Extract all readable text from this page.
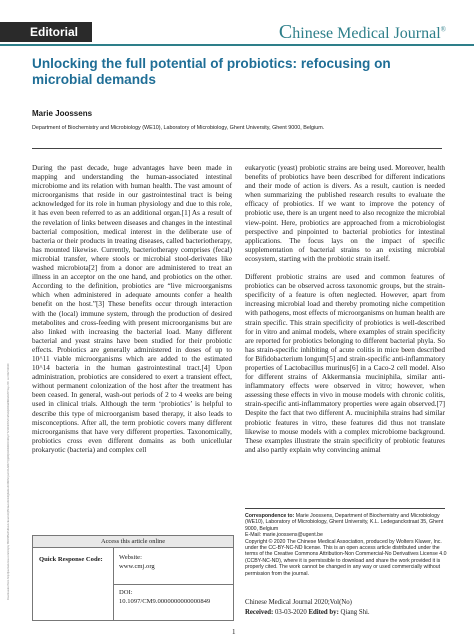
Editorial	Chinese Medical Journal®
Unlocking the full potential of probiotics: refocusing on microbial demands
Marie Joossens
Department of Biochemistry and Microbiology (WE10), Laboratory of Microbiology, Ghent University, Ghent 9000, Belgium.
Downloaded from http://journals.lww.com/cmj by BhDMf5ePHKav1zEoum1tQfN4a+kJLhEZgbsIHo4XMi0hCywCX1AWnYQp/IlQrHD3i3D0OdRyi7TvSFl4Cf3VC4/OAVpDDa8KKGKV0Ymy+78= on 04/27/2020

During the past decade, huge advantages have been made in mapping and understanding the human-associated intestinal microbiome and its relation with human health. The vast amount of microorganisms that reside in our gastrointestinal tract is being acknowledged for its role in human physiology and due to this role, it has even been referred to as an additional organ.[1] As a result of the revelation of links between diseases and changes in the intestinal bacterial composition, medical interest in the deliberate use of bacteria or their products in treating diseases, called bacteriotherapy, has mounted likewise. Currently, bacteriotherapy comprises (fecal) microbial transfer, where stools or microbial stool-derivates like washed microbiota[2] from a donor are administered to treat an illness in an acceptor on the one hand, and probiotics on the other. According to the definition, probiotics are “live microorganisms which when administered in adequate amounts confer a health benefit on the host.”[3] These benefits occur through interaction with the (local) immune system, through the production of desired metabolites and cross-feeding with present microorganisms but are also linked with increasing the bacterial load. Many different bacterial and yeast strains have been studied for their probiotic effects. Probiotics are generally administered in doses of up to 10^11 viable microorganisms which are added to the estimated 10^14 bacteria in the human gastrointestinal tract.[4] Upon administration, probiotics are considered to exert a transient effect, without permanent colonization of the host after the treatment has been ceased. In general, wash-out periods of 2 to 4 weeks are being used in clinical trials. Although the term ‘probiotics’ is helpful to describe this type of microorganism based therapy, it also leads to misconceptions. After all, the term probiotic covers many different microorganisms that have very different properties. Taxonomically, probiotics cross even different domains as both unicellular prokaryotic (bacteria) and complex cell

eukaryotic (yeast) probiotic strains are being used. Moreover, health benefits of probiotics have been described for different indications and their mode of action is divers. As a result, caution is needed when summarizing the published research results to evaluate the efficacy of probiotics. If we want to improve the potency of probiotic use, there is an urgent need to also recognize the microbial view-point. Here, probiotics are approached from a microbiologist perspective and pinpointed to bacterial probiotics for intestinal applications. The focus lays on the impact of specific supplementation of bacterial strains to an existing microbial ecosystem, starting with the probiotic strain itself.

Different probiotic strains are used and common features of probiotics can be observed across taxonomic groups, but the strain-specificity of a feature is often neglected. However, apart from increasing microbial load and thereby promoting niche competition with pathogens, most effects of microorganisms on human health are strain specific. This strain specificity of probiotics is well-described for in vitro and animal models, where examples of strain specificity are reported for probiotics belonging to different bacterial phyla. So has strain-specific inhibiting of acute colitis in mice been described for Bifidobacterium longum[5] and strain-specific anti-inflammatory properties of Lactobacillus murinus[6] in a Caco-2 cell model. Also for different strains of Akkermansia muciniphila, similar anti-inflammatory effects were observed in vitro; however, when assessing these effects in vivo in mouse models with chronic colitis, strain-specific anti-inflammatory properties were again observed.[7] Despite the fact that two different A. muciniphila strains had similar probiotic features in vitro, these features did thus not translate likewise to mouse models with a complex microbiome background. These examples illustrate the strain specificity of probiotic features and also partly explain why convincing animal

Access this article online
Quick Response Code: Website:
www.cmj.org
DOI:
10.1097/CM9.0000000000000849

Correspondence to: Marie Joossens, Department of Biochemistry and Microbiology (WE10), Laboratory of Microbiology, Ghent University, K.L. Ledeganckstraat 35, Ghent 9000, Belgium

E-Mail: marie.joossens@ugent.be

Copyright © 2020 The Chinese Medical Association, produced by Wolters Kluwer, Inc. under the CC-BY-NC-ND license. This is an open access article distributed under the terms of the Creative Commons Attribution-Non Commercial-No Derivatives License 4.0 (CCBY-NC-ND), where it is permissible to download and share the work provided it is properly cited. The work cannot be changed in any way or used commercially without permission from the journal.

Chinese Medical Journal 2020;Vol(No)
Received: 03-03-2020 Edited by: Qiang Shi.
1
